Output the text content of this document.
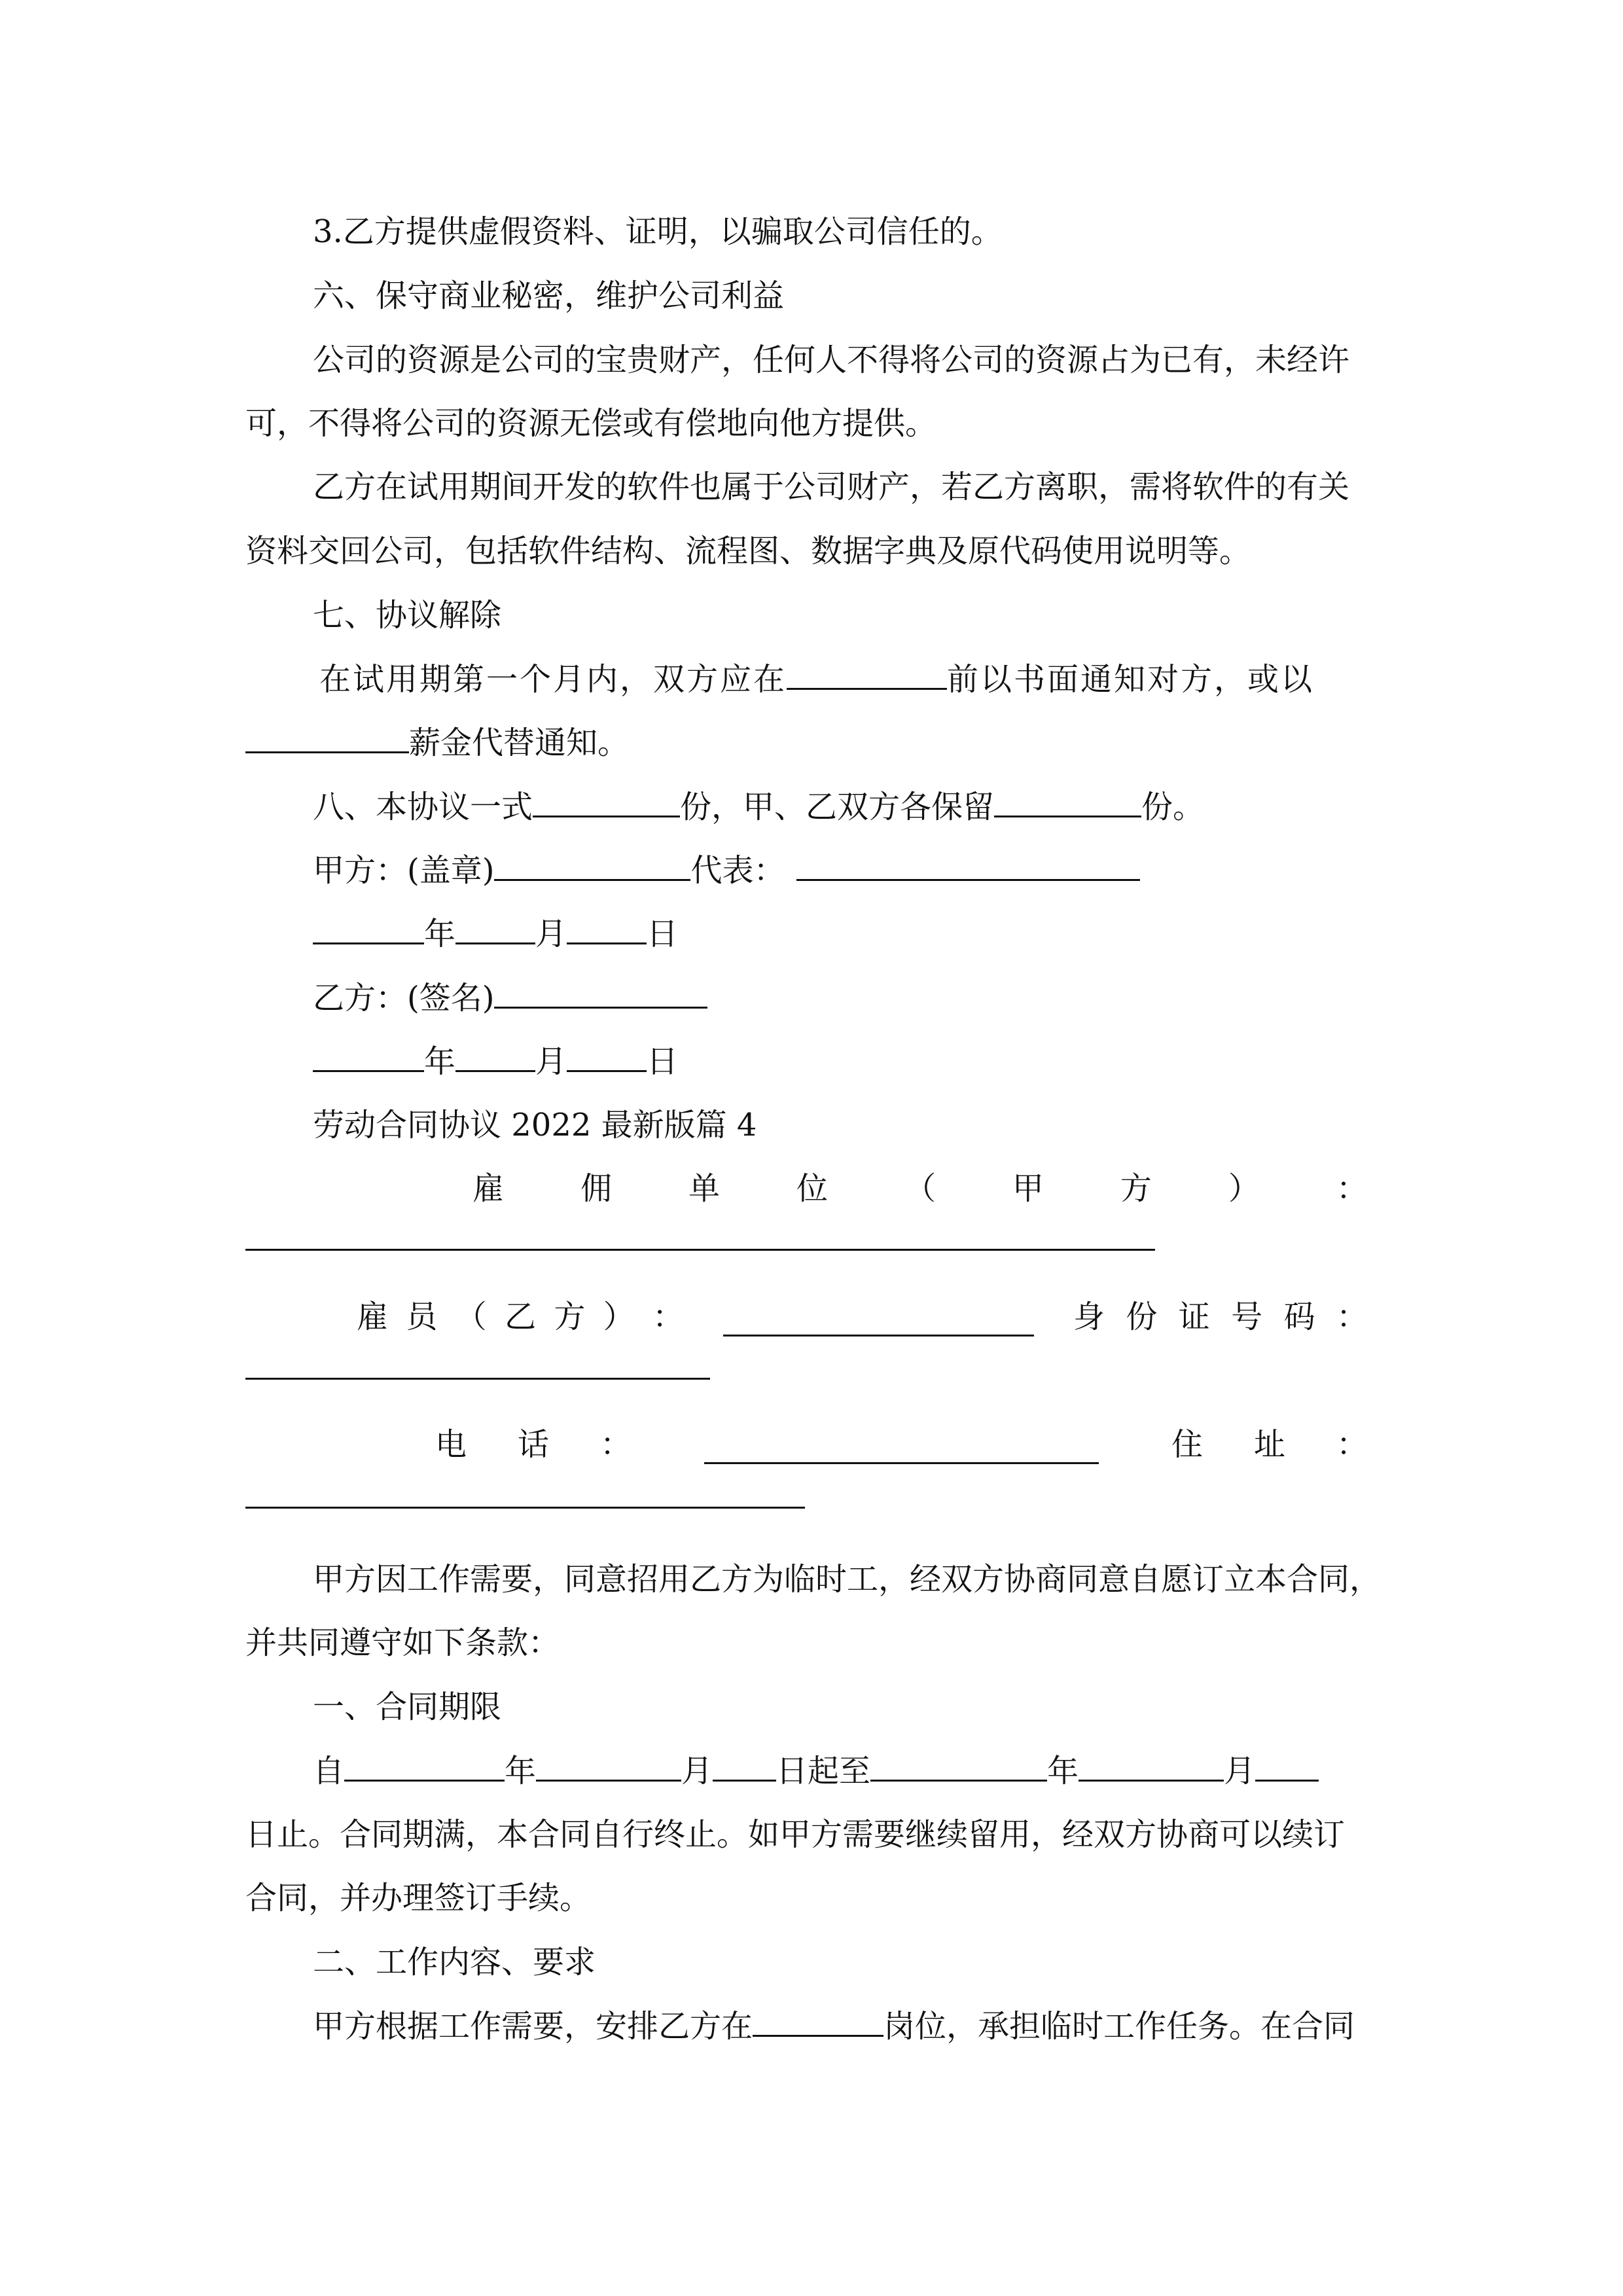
3.乙方提供虚假资料、证明，以骗取公司信任的。
六、保守商业秘密，维护公司利益
公司的资源是公司的宝贵财产，任何人不得将公司的资源占为已有，未经许
可，不得将公司的资源无偿或有偿地向他方提供。
乙方在试用期间开发的软件也属于公司财产，若乙方离职，需将软件的有关
资料交回公司，包括软件结构、流程图、数据字典及原代码使用说明等。
七、协议解除
在试用期第一个月内，双方应在	前以书面通知对方，或以
薪金代替通知。
八、本协议一式	份，甲、乙双方各保留	份。
甲方：(盖章)	代表：
年	月	日
乙方：(签名)
年	月	日
劳动合同协议 2022 最新版篇 4
雇 佣 单 位 （ 甲 方 ） ：
雇 员 （ 乙 方 ） ：	身 份 证 号 码 ：
电 话 ：	住 址 ：
甲方因工作需要，同意招用乙方为临时工，经双方协商同意自愿订立本合同，
并共同遵守如下条款：
一、合同期限
自	年	月 日起至	年	月
日止。合同期满，本合同自行终止。如甲方需要继续留用，经双方协商可以续订
合同，并办理签订手续。
二、工作内容、要求
甲方根据工作需要，安排乙方在	岗位，承担临时工作任务。在合同
